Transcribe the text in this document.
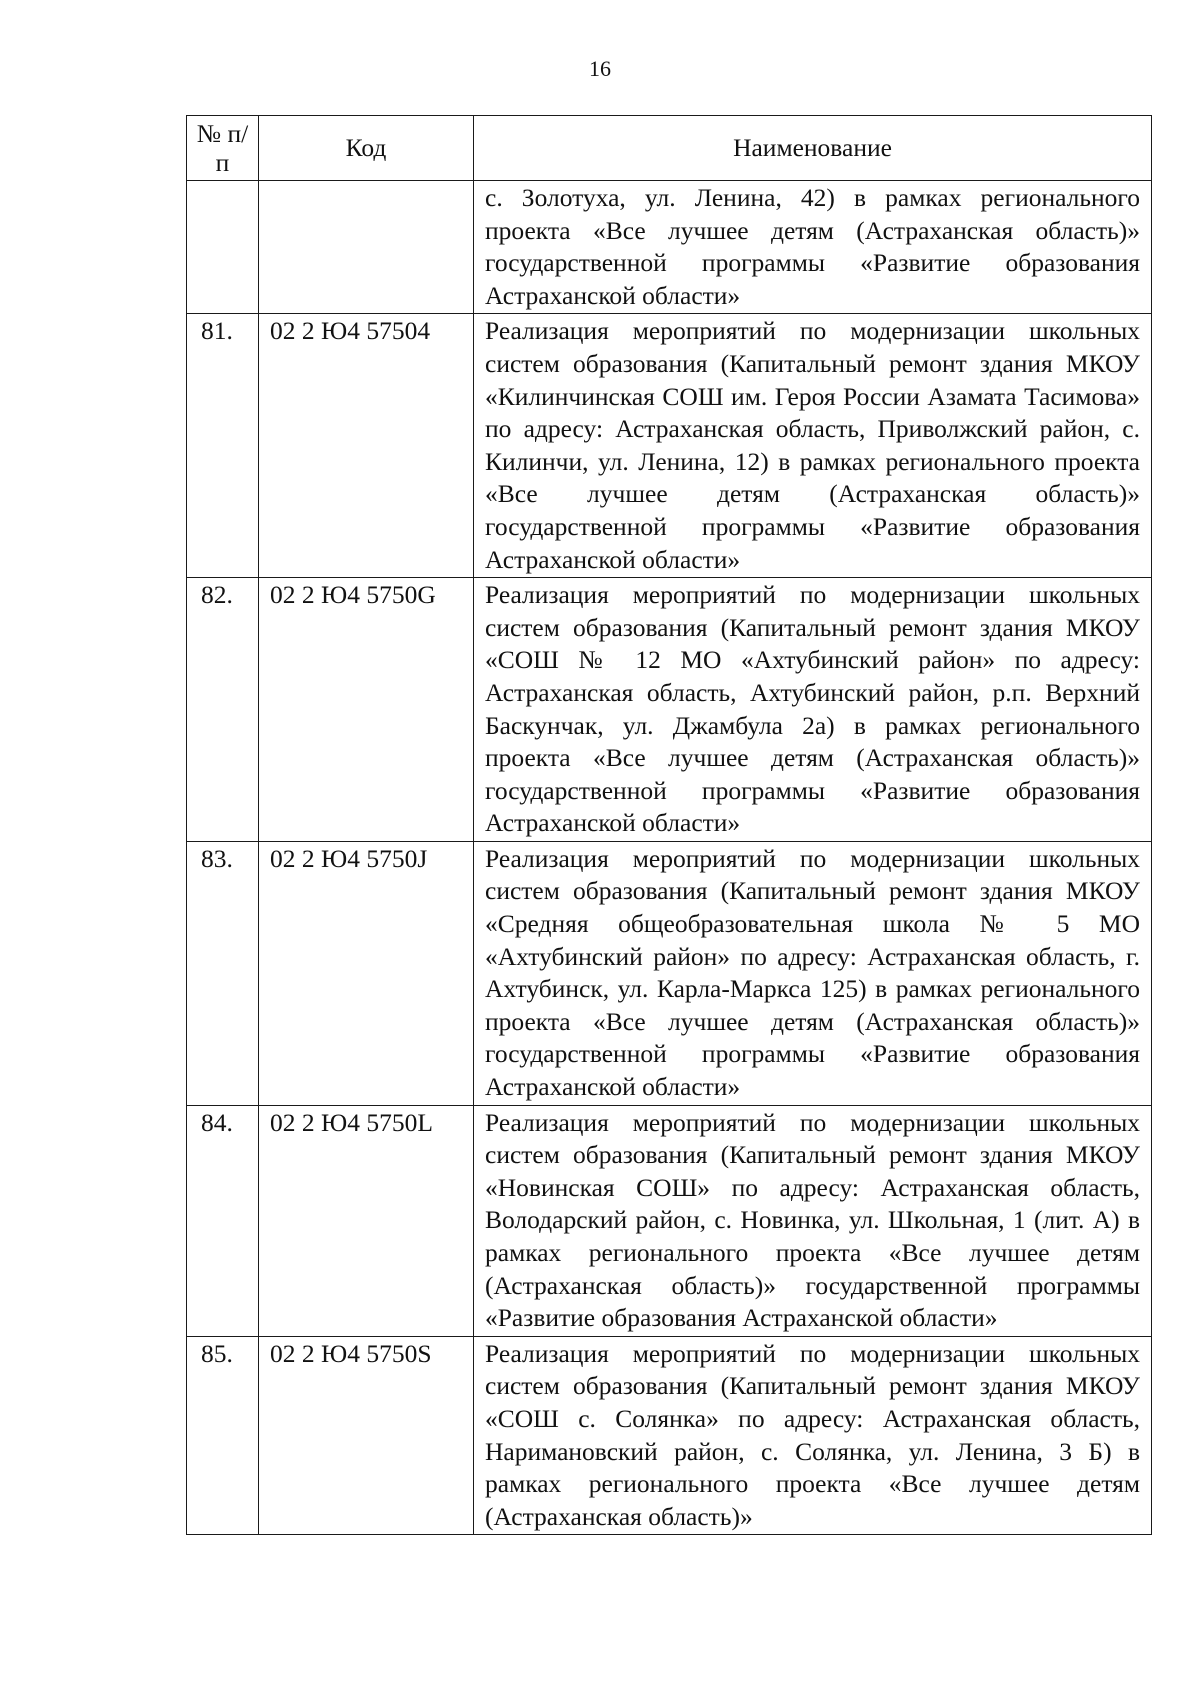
16
№ п/п	Код	Наименование
		с. Золотуха, ул. Ленина, 42) в рамках регионального проекта «Все лучшее детям (Астраханская область)» государственной программы «Развитие образования Астраханской области»
81.	02 2 Ю4 57504	Реализация мероприятий по модернизации школьных систем образования (Капитальный ремонт здания МКОУ «Килинчинская СОШ им. Героя России Азамата Тасимова» по адресу: Астраханская область, Приволжский район, с. Килинчи, ул. Ленина, 12) в рамках регионального проекта «Все лучшее детям (Астраханская область)» государственной программы «Развитие образования Астраханской области»
82.	02 2 Ю4 5750G	Реализация мероприятий по модернизации школьных систем образования (Капитальный ремонт здания МКОУ «СОШ № 12 МО «Ахтубинский район» по адресу: Астраханская область, Ахтубинский район, р.п. Верхний Баскунчак, ул. Джамбула 2а) в рамках регионального проекта «Все лучшее детям (Астраханская область)» государственной программы «Развитие образования Астраханской области»
83.	02 2 Ю4 5750J	Реализация мероприятий по модернизации школьных систем образования (Капитальный ремонт здания МКОУ «Средняя общеобразовательная школа № 5 МО «Ахтубинский район» по адресу: Астраханская область, г. Ахтубинск, ул. Карла-Маркса 125) в рамках регионального проекта «Все лучшее детям (Астраханская область)» государственной программы «Развитие образования Астраханской области»
84.	02 2 Ю4 5750L	Реализация мероприятий по модернизации школьных систем образования (Капитальный ремонт здания МКОУ «Новинская СОШ» по адресу: Астраханская область, Володарский район, с. Новинка, ул. Школьная, 1 (лит. А) в рамках регионального проекта «Все лучшее детям (Астраханская область)» государственной программы «Развитие образования Астраханской области»
85.	02 2 Ю4 5750S	Реализация мероприятий по модернизации школьных систем образования (Капитальный ремонт здания МКОУ «СОШ с. Солянка» по адресу: Астраханская область, Наримановский район, с. Солянка, ул. Ленина, 3 Б) в рамках регионального проекта «Все лучшее детям (Астраханская область)»
